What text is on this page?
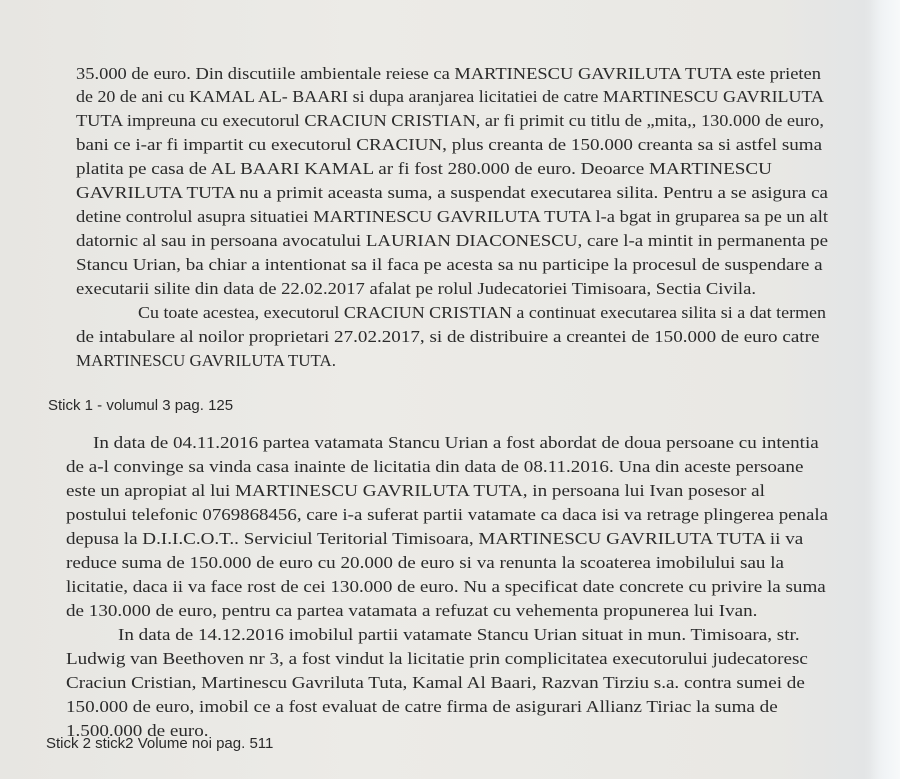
35.000 de euro. Din discutiile ambientale reiese ca MARTINESCU GAVRILUTA TUTA este prieten
de 20 de ani cu KAMAL AL- BAARI si dupa aranjarea licitatiei de catre MARTINESCU GAVRILUTA
TUTA impreuna cu executorul CRACIUN CRISTIAN, ar fi primit cu titlu de „mita,, 130.000 de euro,
bani ce i-ar fi impartit cu executorul CRACIUN, plus creanta de 150.000 creanta sa si astfel suma
platita pe casa de AL BAARI KAMAL ar fi fost 280.000 de euro. Deoarce MARTINESCU
GAVRILUTA TUTA nu a primit aceasta suma, a suspendat executarea silita. Pentru a se asigura ca
detine controlul asupra situatiei MARTINESCU GAVRILUTA TUTA l-a bgat in gruparea sa pe un alt
datornic al sau in persoana avocatului LAURIAN DIACONESCU, care l-a mintit in permanenta pe
Stancu Urian, ba chiar a intentionat sa il faca pe acesta sa nu participe la procesul de suspendare a
executarii silite din data de 22.02.2017 afalat pe rolul Judecatoriei Timisoara, Sectia Civila.
Cu toate acestea, executorul CRACIUN CRISTIAN a continuat executarea silita si a dat termen
de intabulare al noilor proprietari 27.02.2017, si de distribuire a creantei de 150.000 de euro catre
MARTINESCU GAVRILUTA TUTA.
Stick 1 - volumul 3 pag. 125
In data de 04.11.2016 partea vatamata Stancu Urian a fost abordat de doua persoane cu intentia
de a-l convinge sa vinda casa inainte de licitatia din data de 08.11.2016. Una din aceste persoane
este un apropiat al lui MARTINESCU GAVRILUTA TUTA, in persoana lui Ivan posesor al
postului telefonic 0769868456, care i-a suferat partii vatamate ca daca isi va retrage plingerea penala
depusa la D.I.I.C.O.T.. Serviciul Teritorial Timisoara, MARTINESCU GAVRILUTA TUTA ii va
reduce suma de 150.000 de euro cu 20.000 de euro si va renunta la scoaterea imobilului sau la
licitatie, daca ii va face rost de cei 130.000 de euro. Nu a specificat date concrete cu privire la suma
de 130.000 de euro, pentru ca partea vatamata a refuzat cu vehementa propunerea lui Ivan.
In data de 14.12.2016 imobilul partii vatamate Stancu Urian situat in mun. Timisoara, str.
Ludwig van Beethoven nr 3, a fost vindut la licitatie prin complicitatea executorului judecatoresc
Craciun Cristian, Martinescu Gavriluta Tuta, Kamal Al Baari, Razvan Tirziu s.a. contra sumei de
150.000 de euro, imobil ce a fost evaluat de catre firma de asigurari Allianz Tiriac la suma de
1.500.000 de euro.
Stick 2 stick2 Volume noi pag. 511
